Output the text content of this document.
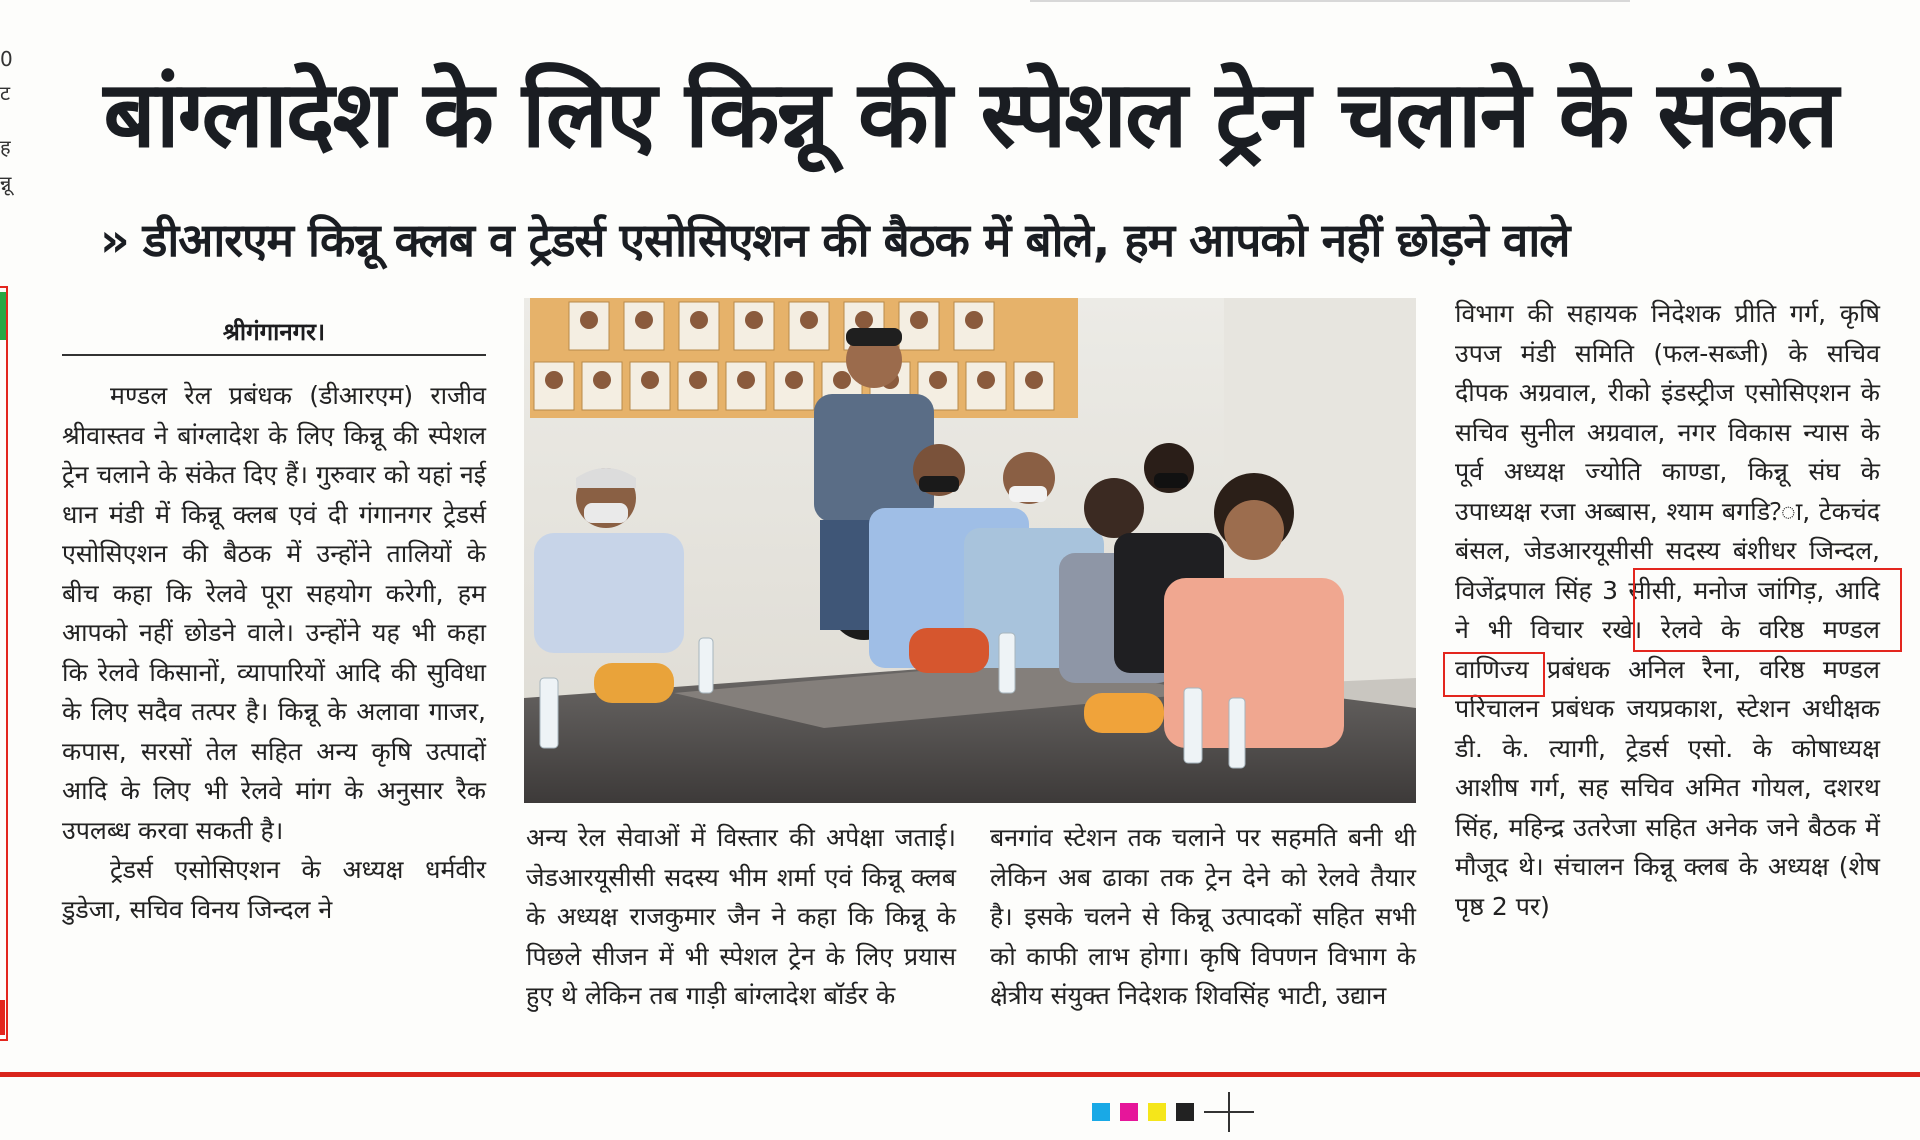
0
ट
ह
न्नू
बांग्लादेश के लिए किन्नू की स्पेशल ट्रेन चलाने के संकेत
» डीआरएम किन्नू क्लब व ट्रेडर्स एसोसिएशन की बैठक में बोले, हम आपको नहीं छोड़ने वाले
श्रीगंगानगर।

मण्डल रेल प्रबंधक (डीआरएम) राजीव श्रीवास्तव ने बांग्लादेश के लिए किन्नू की स्पेशल ट्रेन चलाने के संकेत दिए हैं। गुरुवार को यहां नई धान मंडी में किन्नू क्लब एवं दी गंगानगर ट्रेडर्स एसोसिएशन की बैठक में उन्होंने तालियों के बीच कहा कि रेलवे पूरा सहयोग करेगी, हम आपको नहीं छोडने वाले। उन्होंने यह भी कहा कि रेलवे किसानों, व्यापारियों आदि की सुविधा के लिए सदैव तत्पर है। किन्नू के अलावा गाजर, कपास, सरसों तेल सहित अन्य कृषि उत्पादों आदि के लिए भी रेलवे मांग के अनुसार रैक उपलब्ध करवा सकती है।

ट्रेडर्स एसोसिएशन के अध्यक्ष धर्मवीर डुडेजा, सचिव विनय जिन्दल ने

अन्य रेल सेवाओं में विस्तार की अपेक्षा जताई। जेडआरयूसीसी सदस्य भीम शर्मा एवं किन्नू क्लब के अध्यक्ष राजकुमार जैन ने कहा कि किन्नू के पिछले सीजन में भी स्पेशल ट्रेन के लिए प्रयास हुए थे लेकिन तब गाड़ी बांग्लादेश बॉर्डर के
बनगांव स्टेशन तक चलाने पर सहमति बनी थी लेकिन अब ढाका तक ट्रेन देने को रेलवे तैयार है। इसके चलने से किन्नू उत्पादकों सहित सभी को काफी लाभ होगा। कृषि विपणन विभाग के क्षेत्रीय संयुक्त निदेशक शिवसिंह भाटी, उद्यान
विभाग की सहायक निदेशक प्रीति गर्ग, कृषि उपज मंडी समिति (फल-सब्जी) के सचिव दीपक अग्रवाल, रीको इंडस्ट्रीज एसोसिएशन के सचिव सुनील अग्रवाल, नगर विकास न्यास के पूर्व अध्यक्ष ज्योति काण्डा, किन्नू संघ के उपाध्यक्ष रजा अब्बास, श्याम बगडि?ा, टेकचंद बंसल, जेडआरयूसीसी सदस्य बंशीधर जिन्दल, विजेंद्रपाल सिंह 3 सीसी, मनोज जांगिड़, आदि ने भी विचार रखे। रेलवे के वरिष्ठ मण्डल वाणिज्य प्रबंधक अनिल रैना, वरिष्ठ मण्डल परिचालन प्रबंधक जयप्रकाश, स्टेशन अधीक्षक डी. के. त्यागी, ट्रेडर्स एसो. के कोषाध्यक्ष आशीष गर्ग, सह सचिव अमित गोयल, दशरथ सिंह, महिन्द्र उतरेजा सहित अनेक जने बैठक में मौजूद थे। संचालन किन्नू क्लब के अध्यक्ष (शेष पृष्ठ 2 पर)
